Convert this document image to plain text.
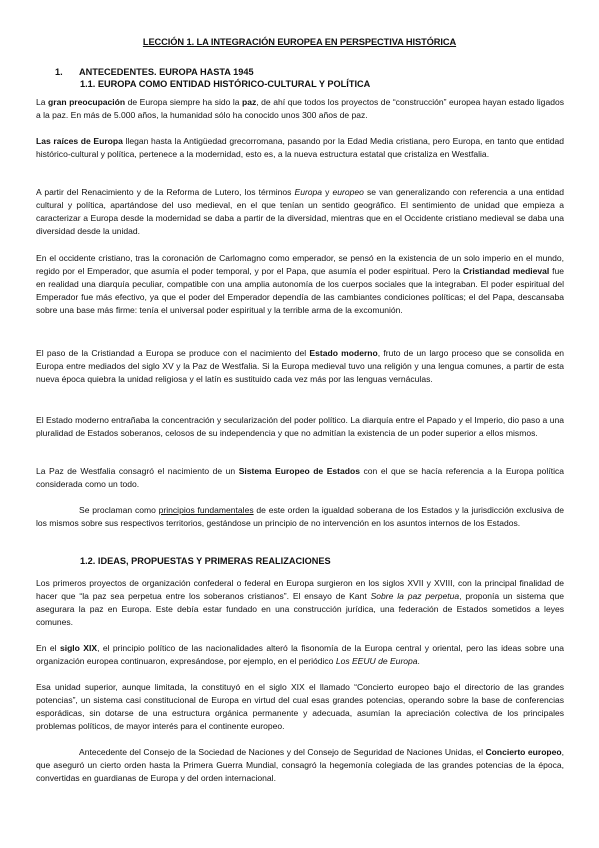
LECCIÓN 1. LA INTEGRACIÓN EUROPEA EN PERSPECTIVA HISTÓRICA
1. ANTECEDENTES. EUROPA HASTA 1945
1.1. EUROPA COMO ENTIDAD HISTÓRICO-CULTURAL Y POLÍTICA

La gran preocupación de Europa siempre ha sido la paz, de ahí que todos los proyectos de “construcción” europea hayan estado ligados a la paz. En más de 5.000 años, la humanidad sólo ha conocido unos 300 años de paz.

Las raíces de Europa llegan hasta la Antigüedad grecorromana, pasando por la Edad Media cristiana, pero Europa, en tanto que entidad histórico-cultural y política, pertenece a la modernidad, esto es, a la nueva estructura estatal que cristaliza en Westfalia.

A partir del Renacimiento y de la Reforma de Lutero, los términos Europa y europeo se van generalizando con referencia a una entidad cultural y política, apartándose del uso medieval, en el que tenían un sentido geográfico. El sentimiento de unidad que empieza a caracterizar a Europa desde la modernidad se daba a partir de la diversidad, mientras que en el Occidente cristiano medieval se daba una diversidad desde la unidad.

En el occidente cristiano, tras la coronación de Carlomagno como emperador, se pensó en la existencia de un solo imperio en el mundo, regido por el Emperador, que asumía el poder temporal, y por el Papa, que asumía el poder espiritual. Pero la Cristiandad medieval fue en realidad una diarquía peculiar, compatible con una amplia autonomía de los cuerpos sociales que la integraban. El poder espiritual del Emperador fue más efectivo, ya que el poder del Emperador dependía de las cambiantes condiciones políticas; el del Papa, descansaba sobre una base más firme: tenía el universal poder espiritual y la terrible arma de la excomunión.

El paso de la Cristiandad a Europa se produce con el nacimiento del Estado moderno, fruto de un largo proceso que se consolida en Europa entre mediados del siglo XV y la Paz de Westfalia. Si la Europa medieval tuvo una religión y una lengua comunes, a partir de esta nueva época quiebra la unidad religiosa y el latín es sustituido cada vez más por las lenguas vernáculas.

El Estado moderno entrañaba la concentración y secularización del poder político. La diarquía entre el Papado y el Imperio, dio paso a una pluralidad de Estados soberanos, celosos de su independencia y que no admitían la existencia de un poder superior a ellos mismos.

La Paz de Westfalia consagró el nacimiento de un Sistema Europeo de Estados con el que se hacía referencia a la Europa política considerada como un todo.

Se proclaman como principios fundamentales de este orden la igualdad soberana de los Estados y la jurisdicción exclusiva de los mismos sobre sus respectivos territorios, gestándose un principio de no intervención en los asuntos internos de los Estados.

1.2. IDEAS, PROPUESTAS Y PRIMERAS REALIZACIONES

Los primeros proyectos de organización confederal o federal en Europa surgieron en los siglos XVII y XVIII, con la principal finalidad de hacer que “la paz sea perpetua entre los soberanos cristianos”. El ensayo de Kant Sobre la paz perpetua, proponía un sistema que asegurara la paz en Europa. Este debía estar fundado en una construcción jurídica, una federación de Estados sometidos a leyes comunes.

En el siglo XIX, el principio político de las nacionalidades alteró la fisonomía de la Europa central y oriental, pero las ideas sobre una organización europea continuaron, expresándose, por ejemplo, en el periódico Los EEUU de Europa.

Esa unidad superior, aunque limitada, la constituyó en el siglo XIX el llamado “Concierto europeo bajo el directorio de las grandes potencias”, un sistema casi constitucional de Europa en virtud del cual esas grandes potencias, operando sobre la base de conferencias esporádicas, sin dotarse de una estructura orgánica permanente y adecuada, asumían la apreciación colectiva de los principales problemas políticos, de mayor interés para el continente europeo.

Antecedente del Consejo de la Sociedad de Naciones y del Consejo de Seguridad de Naciones Unidas, el Concierto europeo, que aseguró un cierto orden hasta la Primera Guerra Mundial, consagró la hegemonía colegiada de las grandes potencias de la época, convertidas en guardianas de Europa y del orden internacional.
